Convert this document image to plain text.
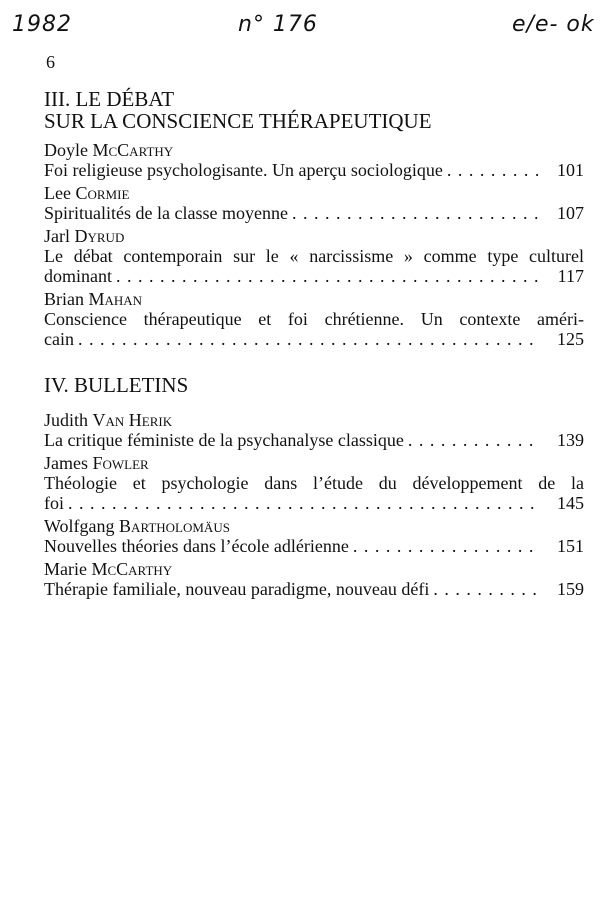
1982	n° 176	e/e- ok
6
III. LE DÉBAT
SUR LA CONSCIENCE THÉRAPEUTIQUE
Doyle McCarthy
Foi religieuse psychologisante. Un aperçu sociologique . . .	101
Lee Cormie
Spiritualités de la classe moyenne . . .	107
Jarl Dyrud
Le débat contemporain sur le « narcissisme » comme type culturel
dominant . . .	117
Brian Mahan
Conscience thérapeutique et foi chrétienne. Un contexte améri-
cain . . .	125
IV. BULLETINS
Judith Van Herik
La critique féministe de la psychanalyse classique . . .	139
James Fowler
Théologie et psychologie dans l’étude du développement de la
foi . . .	145
Wolfgang Bartholomäus
Nouvelles théories dans l’école adlérienne . . .	151
Marie McCarthy
Thérapie familiale, nouveau paradigme, nouveau défi . . .	159
